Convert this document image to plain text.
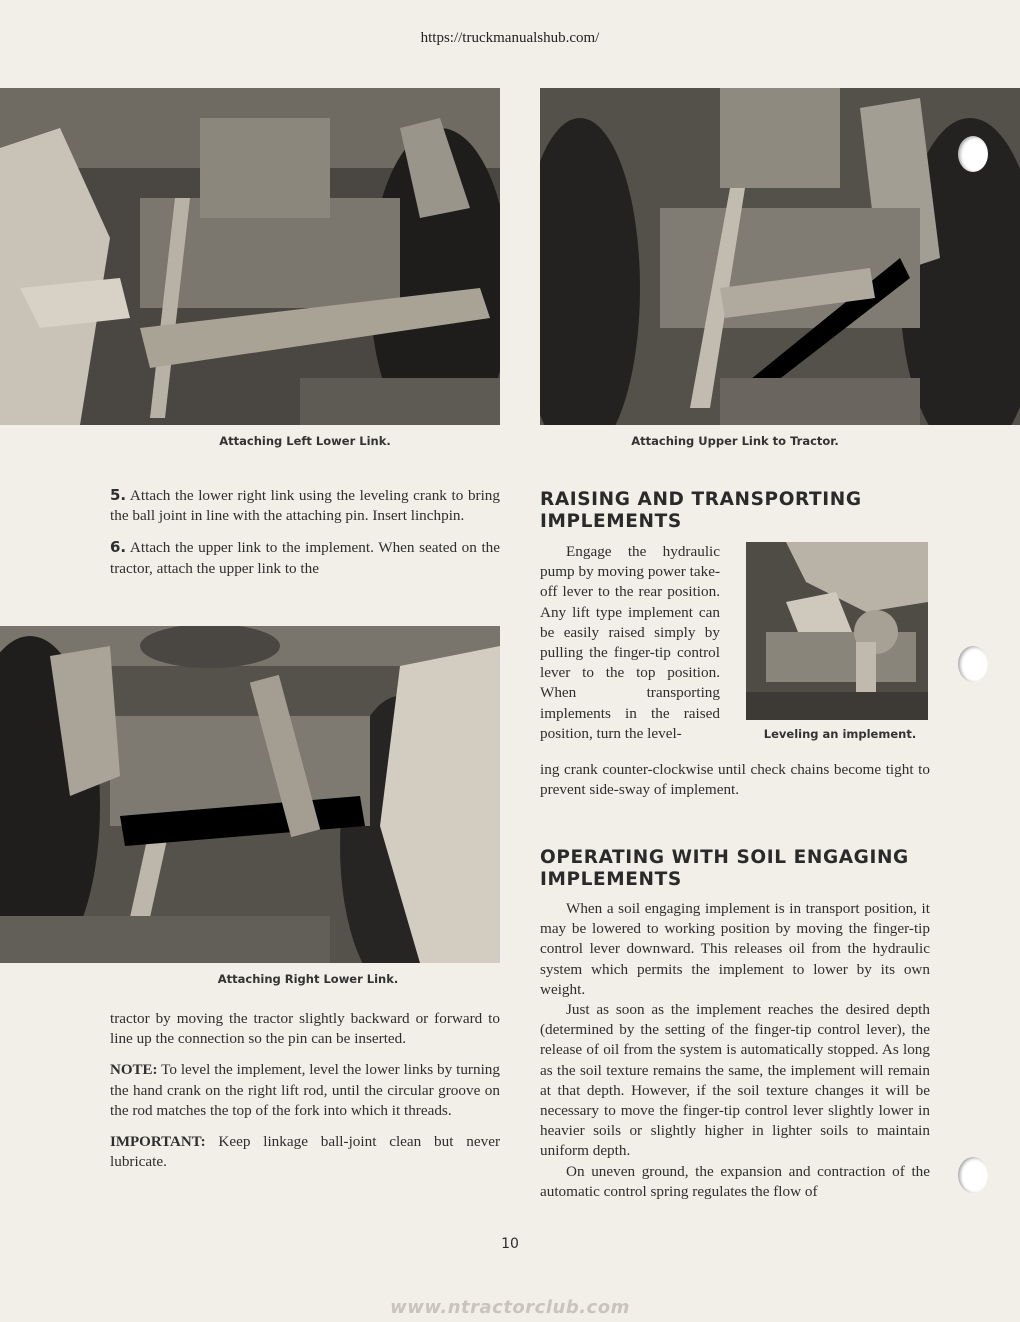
https://truckmanualshub.com/
Attaching Left Lower Link.	Attaching Upper Link to Tractor.

5. Attach the lower right link using the leveling crank to bring the ball joint in line with the attaching pin. Insert linchpin.

6. Attach the upper link to the implement. When seated on the tractor, attach the upper link to the

Attaching Right Lower Link.

tractor by moving the tractor slightly backward or forward to line up the connection so the pin can be inserted.

NOTE: To level the implement, level the lower links by turning the hand crank on the right lift rod, until the circular groove on the rod matches the top of the fork into which it threads.

IMPORTANT: Keep linkage ball-joint clean but never lubricate.

RAISING AND TRANSPORTING IMPLEMENTS
Engage the hydraulic pump by moving power take-off lever to the rear position. Any lift type implement can be easily raised simply by pulling the finger-tip control lever to the top position. When transporting implements in the raised position, turn the level-	Leveling an implement.
ing crank counter-clockwise until check chains become tight to prevent side-sway of implement.
OPERATING WITH SOIL ENGAGING IMPLEMENTS

When a soil engaging implement is in transport position, it may be lowered to working position by moving the finger-tip control lever downward. This releases oil from the hydraulic system which permits the implement to lower by its own weight.

Just as soon as the implement reaches the desired depth (determined by the setting of the finger-tip control lever), the release of oil from the system is automatically stopped. As long as the soil texture remains the same, the implement will remain at that depth. However, if the soil texture changes it will be necessary to move the finger-tip control lever slightly lower in heavier soils or slightly higher in lighter soils to maintain uniform depth.

On uneven ground, the expansion and contraction of the automatic control spring regulates the flow of

10
www.ntractorclub.com
